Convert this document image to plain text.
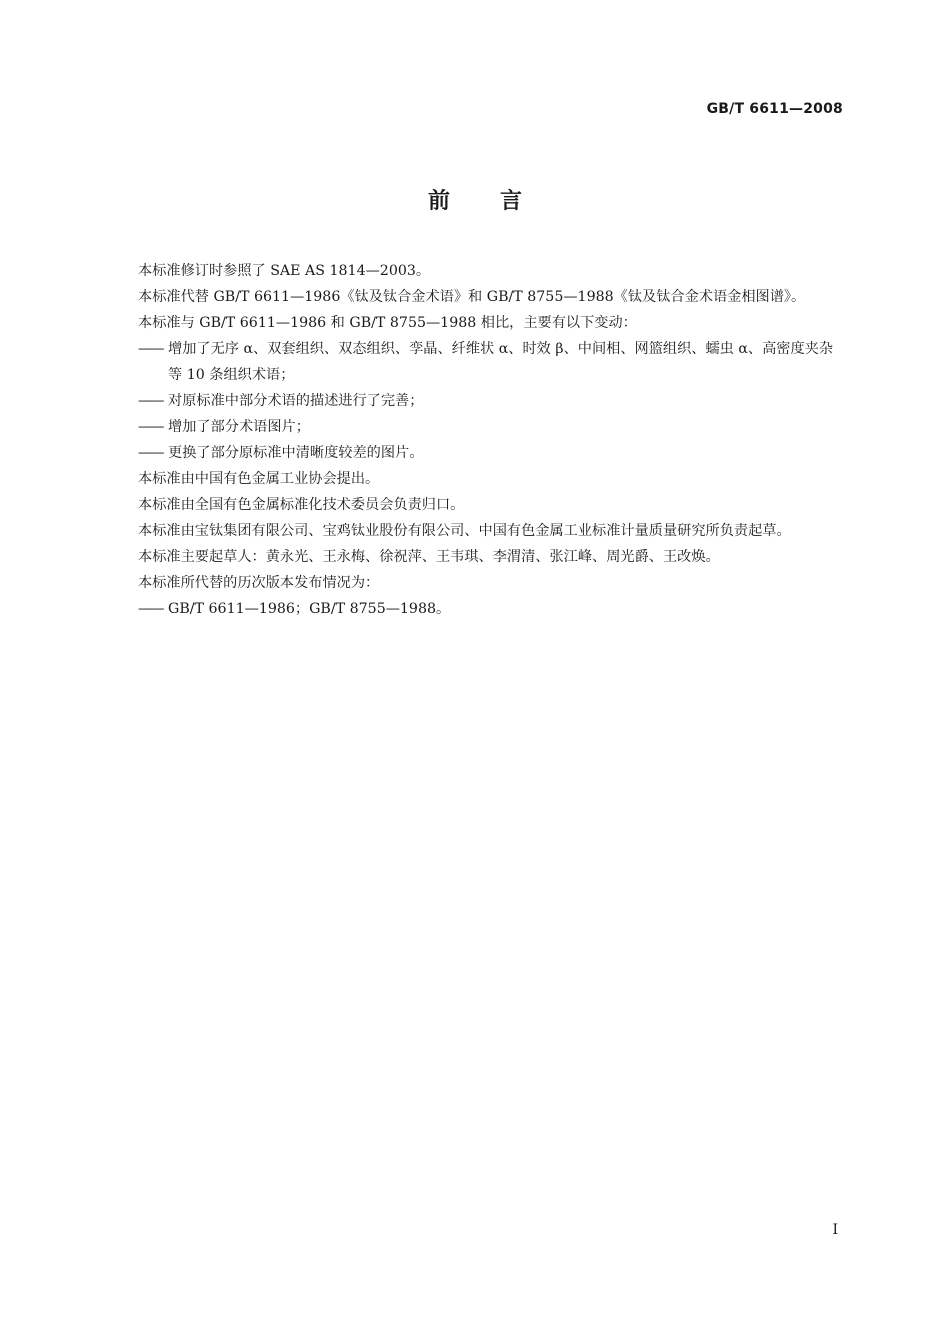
GB/T 6611—2008
前言
本标准修订时参照了 SAE AS 1814—2003。
本标准代替 GB/T 6611—1986《钛及钛合金术语》和 GB/T 8755—1988《钛及钛合金术语金相图谱》。
本标准与 GB/T 6611—1986 和 GB/T 8755—1988 相比，主要有以下变动：
—— 增加了无序 α、双套组织、双态组织、孪晶、纤维状 α、时效 β、中间相、网篮组织、蠕虫 α、高密度夹杂等 10 条组织术语；
—— 对原标准中部分术语的描述进行了完善；
—— 增加了部分术语图片；
—— 更换了部分原标准中清晰度较差的图片。
本标准由中国有色金属工业协会提出。
本标准由全国有色金属标准化技术委员会负责归口。
本标准由宝钛集团有限公司、宝鸡钛业股份有限公司、中国有色金属工业标准计量质量研究所负责起草。
本标准主要起草人：黄永光、王永梅、徐祝萍、王韦琪、李渭清、张江峰、周光爵、王改焕。
本标准所代替的历次版本发布情况为：
—— GB/T 6611—1986；GB/T 8755—1988。
I
